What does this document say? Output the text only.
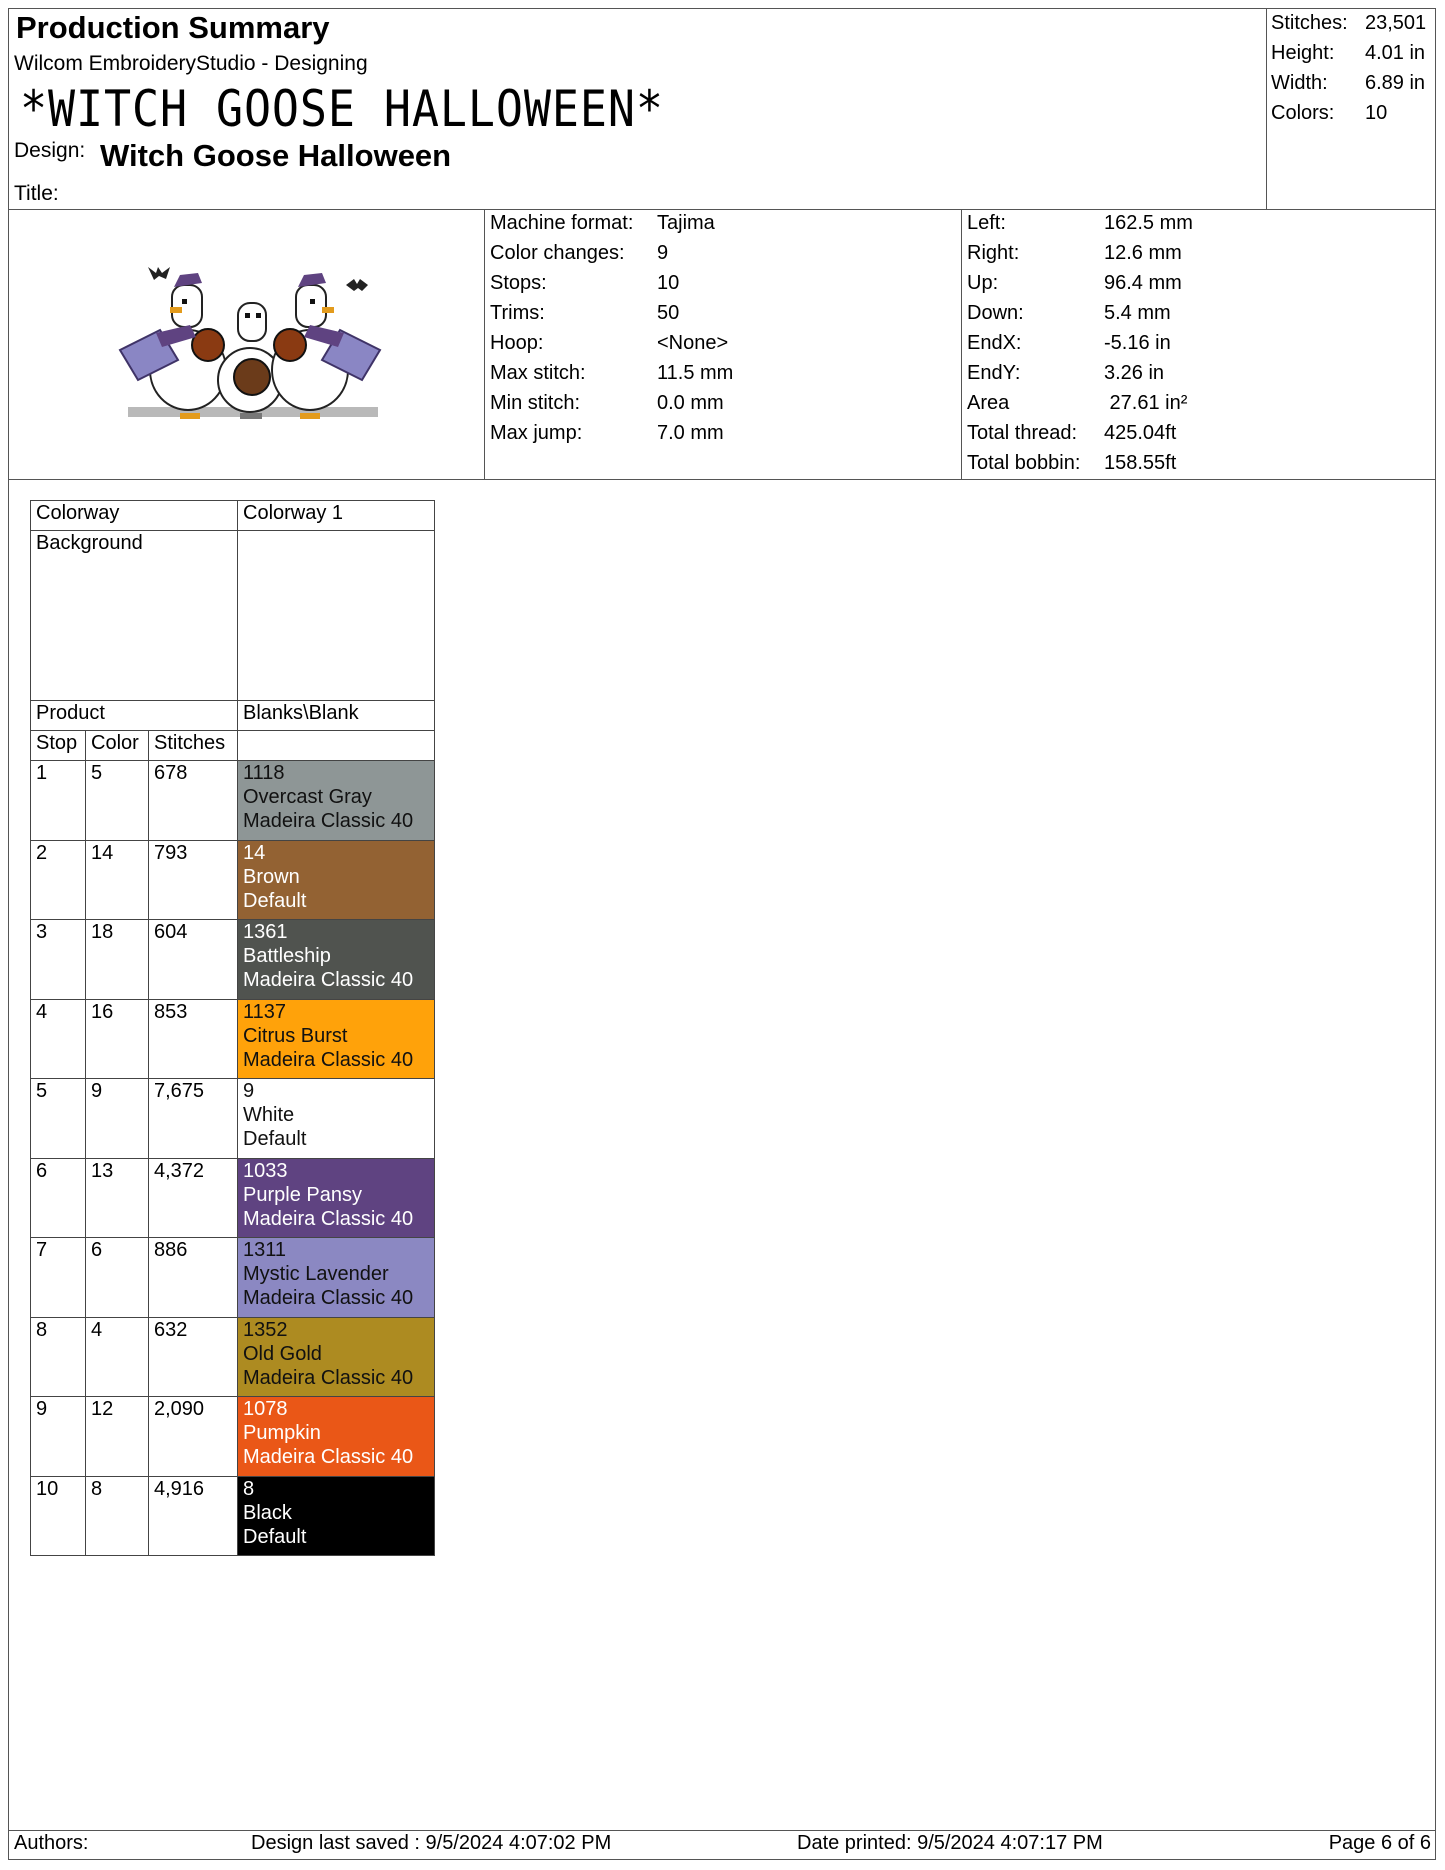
Production Summary
Wilcom EmbroideryStudio - Designing
*WITCH GOOSE HALLOWEEN*
Design: Witch Goose Halloween
Title:
Stitches: 23,501
Height: 4.01 in
Width: 6.89 in
Colors: 10
Machine format: Tajima
Color changes: 9
Stops:	10
Trims:	50
Hoop:	<None>
Max stitch:	11.5 mm
Min stitch:	0.0 mm
Max jump:	7.0 mm
Left:	162.5 mm
Right:	12.6 mm
Up:	96.4 mm
Down:	5.4 mm
EndX:	-5.16 in
EndY:	3.26 in
Area	27.61 in²
Total thread: 425.04ft
Total bobbin: 158.55ft
Colorway			Colorway 1
Background			
Product			Blanks\Blank
Stop	Color	Stitches	
1	5	678	1118
Overcast Gray
Madeira Classic 40

2	14	793	14
Brown
Default

3	18	604	1361
Battleship
Madeira Classic 40

4	16	853	1137
Citrus Burst
Madeira Classic 40

5	9	7,675	9
White
Default

6	13	4,372	1033
Purple Pansy
Madeira Classic 40

7	6	886	1311
Mystic Lavender
Madeira Classic 40

8	4	632	1352
Old Gold
Madeira Classic 40

9	12	2,090	1078
Pumpkin
Madeira Classic 40

10	8	4,916	8
Black
Default
Authors:	Design last saved : 9/5/2024 4:07:02 PM	Date printed: 9/5/2024 4:07:17 PM	Page 6 of 6
